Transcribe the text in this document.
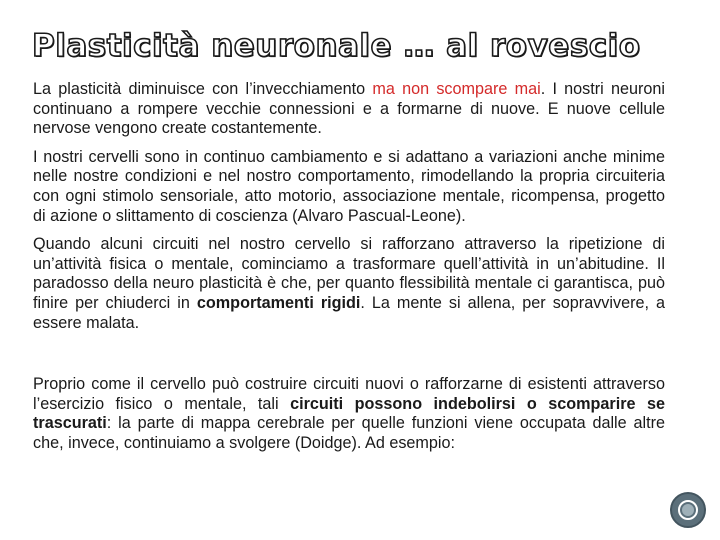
Plasticità neuronale … al rovescio

La plasticità diminuisce con l’invecchiamento ma non scompare mai. I nostri neuroni continuano a rompere vecchie connessioni e a formarne di nuove. E nuove cellule nervose vengono create costantemente.

I nostri cervelli sono in continuo cambiamento e si adattano a variazioni anche minime nelle nostre condizioni e nel nostro comportamento, rimodellando la propria circuiteria con ogni stimolo sensoriale, atto motorio, associazione mentale, ricompensa, progetto di azione o slittamento di coscienza (Alvaro Pascual-Leone).

Quando alcuni circuiti nel nostro cervello si rafforzano attraverso la ripetizione di un’attività fisica o mentale, cominciamo a trasformare quell’attività in un’abitudine. Il paradosso della neuro plasticità è che, per quanto flessibilità mentale ci garantisca, può finire per chiuderci in comportamenti rigidi. La mente si allena, per sopravvivere, a essere malata.

Proprio come il cervello può costruire circuiti nuovi o rafforzarne di esistenti attraverso l’esercizio fisico o mentale, tali circuiti possono indebolirsi o scomparire se trascurati: la parte di mappa cerebrale per quelle funzioni viene occupata dalle altre che, invece, continuiamo a svolgere (Doidge). Ad esempio:
